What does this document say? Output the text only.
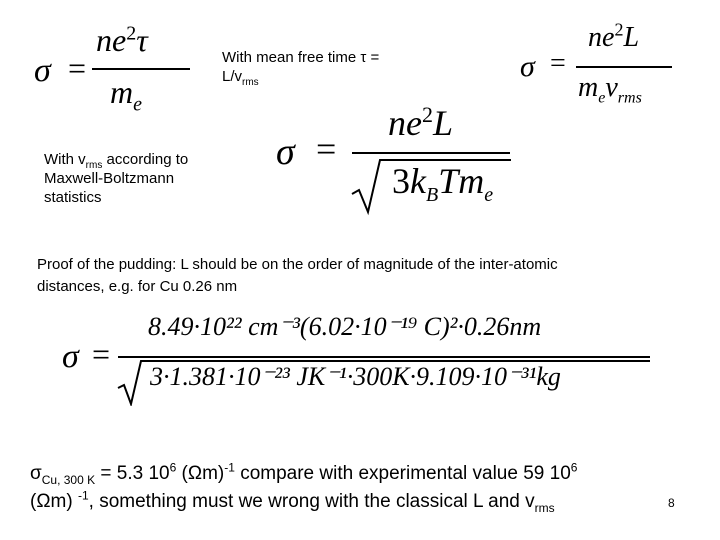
σ =
$ne^2\tau$
$m_e$
With mean free time τ =
$L/v_{rms}$	σ =
$ne^2L$
$m_ev_{rms}$
With $v_{rms}$ according to
Maxwell-Boltzmann
statistics
σ =
$ne^2L$
$3k_BTm_e$
Proof of the pudding: L should be on the order of magnitude of the inter-atomic
distances, e.g. for Cu 0.26 nm
σ =
8.49·10²² cm⁻³(6.02·10⁻¹⁹ C)²·0.26nm
3·1.381·10⁻²³ JK⁻¹·300K·9.109·10⁻³¹kg
$\sigma_{Cu, 300 K} = 5.3$ $10^6$ $(\Omega m)^{-1}$ compare with experimental value 59 $10^6$
(Ωm) $^{-1}$, something must we wrong with the classical L and $v_{rms}$	8
